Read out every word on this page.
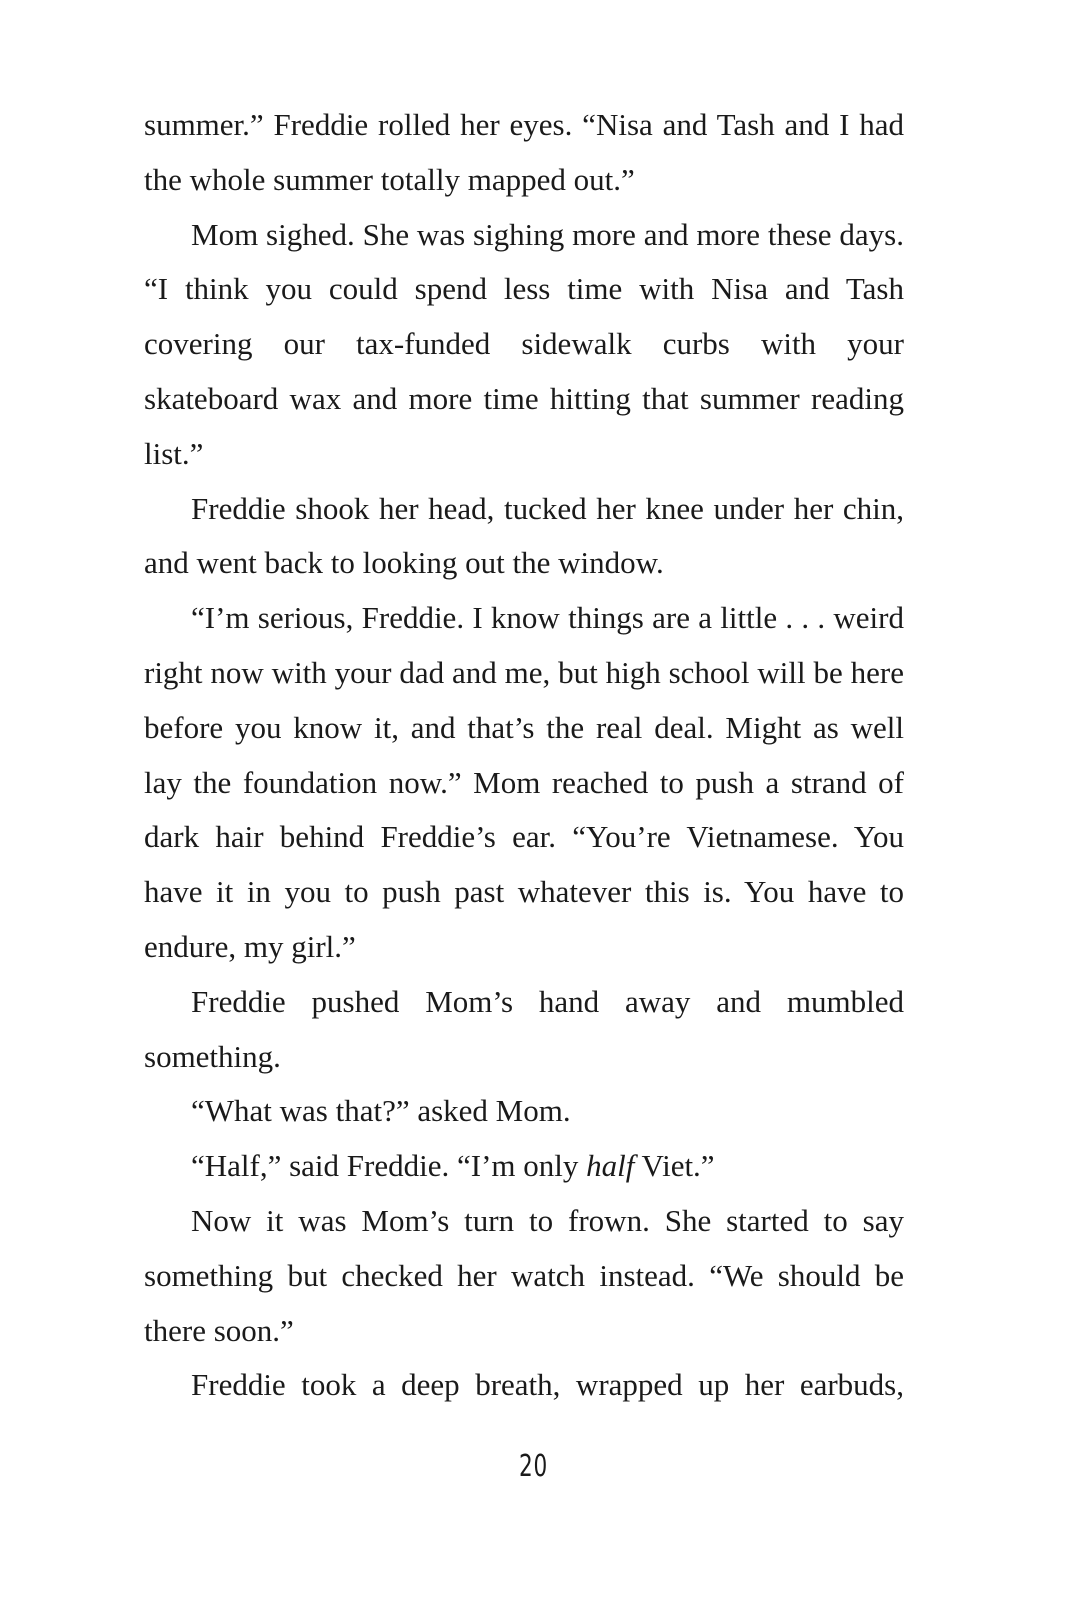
summer.” Freddie rolled her eyes. “Nisa and Tash and I had the whole summer totally mapped out.”

Mom sighed. She was sighing more and more these days. “I think you could spend less time with Nisa and Tash covering our tax-funded sidewalk curbs with your skateboard wax and more time hitting that summer reading list.”

Freddie shook her head, tucked her knee under her chin, and went back to looking out the window.

“I’m serious, Freddie. I know things are a little . . . weird right now with your dad and me, but high school will be here before you know it, and that’s the real deal. Might as well lay the foundation now.” Mom reached to push a strand of dark hair behind Freddie’s ear. “You’re Vietnamese. You have it in you to push past whatever this is. You have to endure, my girl.”

Freddie pushed Mom’s hand away and mumbled something.

“What was that?” asked Mom.

“Half,” said Freddie. “I’m only half Viet.”

Now it was Mom’s turn to frown. She started to say something but checked her watch instead. “We should be there soon.”

Freddie took a deep breath, wrapped up her earbuds,

20
